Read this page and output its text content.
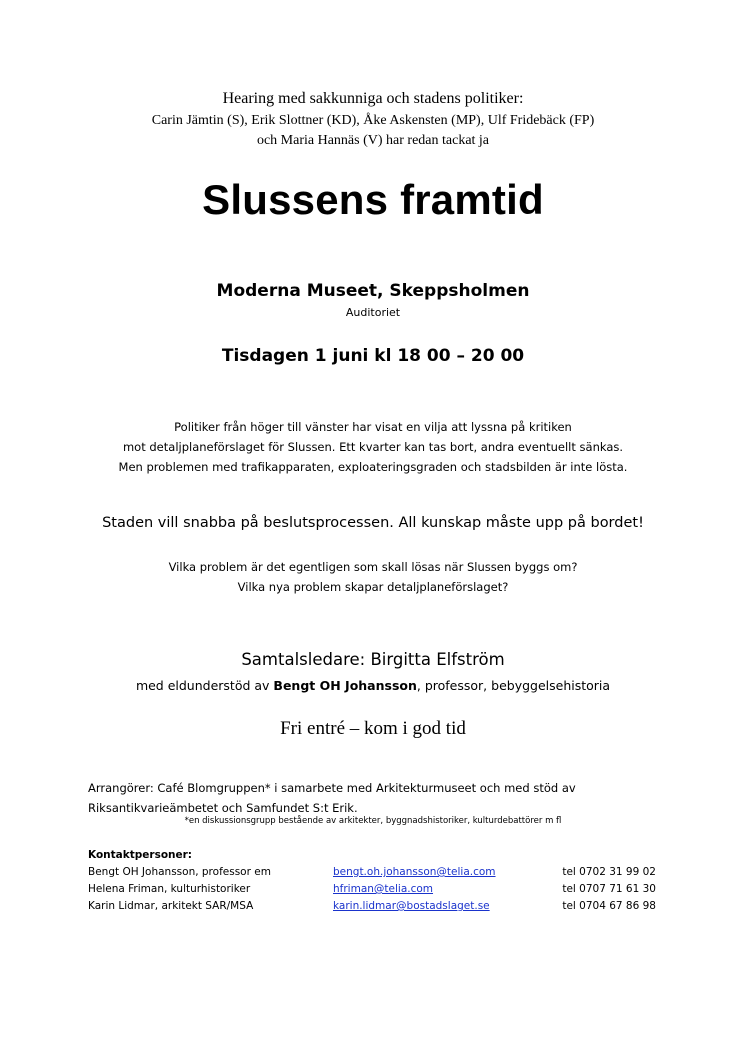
Hearing med sakkunniga och stadens politiker:
Carin Jämtin (S), Erik Slottner (KD), Åke Askensten (MP), Ulf Fridebäck (FP)
och Maria Hannäs (V) har redan tackat ja
Slussens framtid
Moderna Museet, Skeppsholmen
Auditoriet
Tisdagen 1 juni kl 18 00 – 20 00
Politiker från höger till vänster har visat en vilja att lyssna på kritiken
mot detaljplaneförslaget för Slussen. Ett kvarter kan tas bort, andra eventuellt sänkas.
Men problemen med trafikapparaten, exploateringsgraden och stadsbilden är inte lösta.
Staden vill snabba på beslutsprocessen. All kunskap måste upp på bordet!
Vilka problem är det egentligen som skall lösas när Slussen byggs om?
Vilka nya problem skapar detaljplaneförslaget?
Samtalsledare: Birgitta Elfström
med eldunderstöd av Bengt OH Johansson, professor, bebyggelsehistoria
Fri entré – kom i god tid
Arrangörer: Café Blomgruppen* i samarbete med Arkitekturmuseet och med stöd av
Riksantikvarieämbetet och Samfundet S:t Erik.
*en diskussionsgrupp bestående av arkitekter, byggnadshistoriker, kulturdebattörer m fl
Kontaktpersoner:
Bengt OH Johansson, professor em	bengt.oh.johansson@telia.com	tel 0702 31 99 02
Helena Friman, kulturhistoriker	hfriman@telia.com	tel 0707 71 61 30
Karin Lidmar, arkitekt SAR/MSA	karin.lidmar@bostadslaget.se	tel 0704 67 86 98
